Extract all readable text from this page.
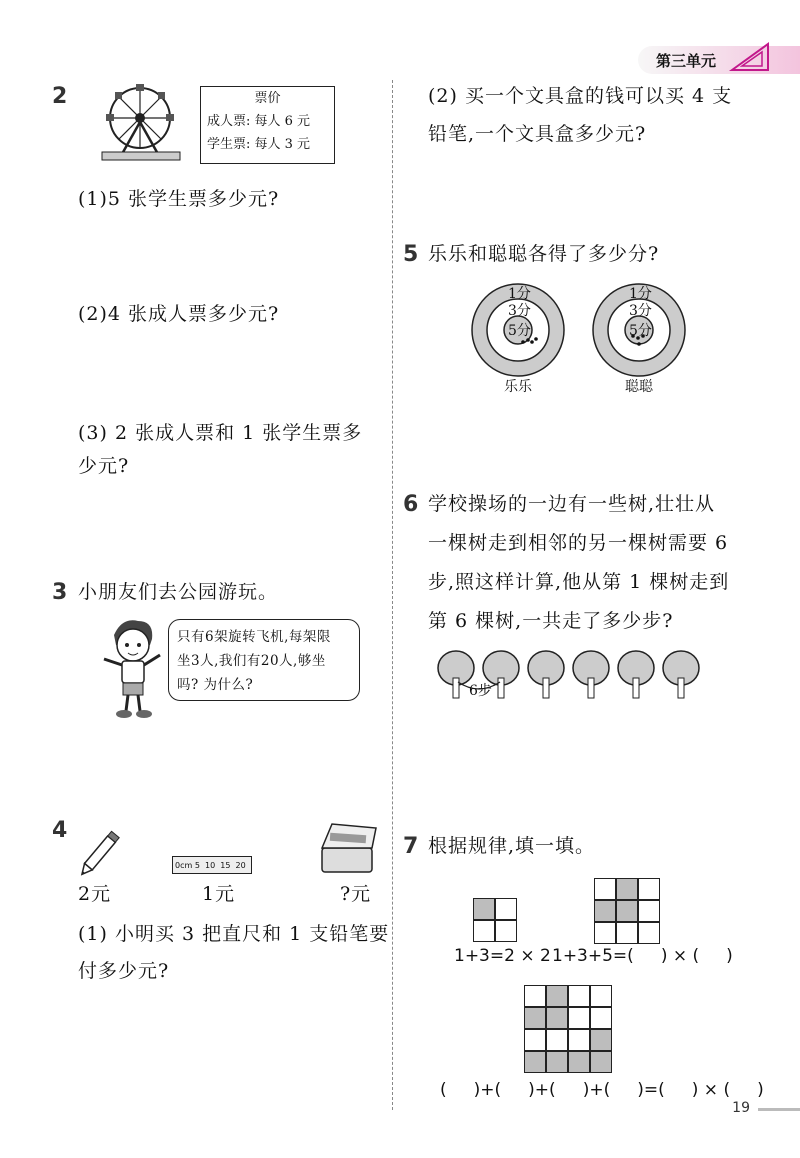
第三单元
2	票价
成人票: 每人 6 元
学生票: 每人 3 元
(1)5 张学生票多少元?
(2)4 张成人票多少元?
(3) 2 张成人票和 1 张学生票多
少元?
3 小朋友们去公园游玩。
只有6架旋转飞机,每架限
坐3人,我们有20人,够坐
吗? 为什么?
4
0cm 5  10  15  20
2元	1元	?元
(1) 小明买 3 把直尺和 1 支铅笔要
付多少元?
(2) 买一个文具盒的钱可以买 4 支
铅笔,一个文具盒多少元?
5 乐乐和聪聪各得了多少分?
1分
3分
5分
乐乐
1分
3分
5分
聪聪
6 学校操场的一边有一些树,壮壮从
一棵树走到相邻的另一棵树需要 6
步,照这样计算,他从第 1 棵树走到
第 6 棵树,一共走了多少步?
6步
7 根据规律,填一填。
1+3=2 × 2 1+3+5=(     ) × (     )
(     )+(     )+(     )+(     )=(     ) × (     )
19
